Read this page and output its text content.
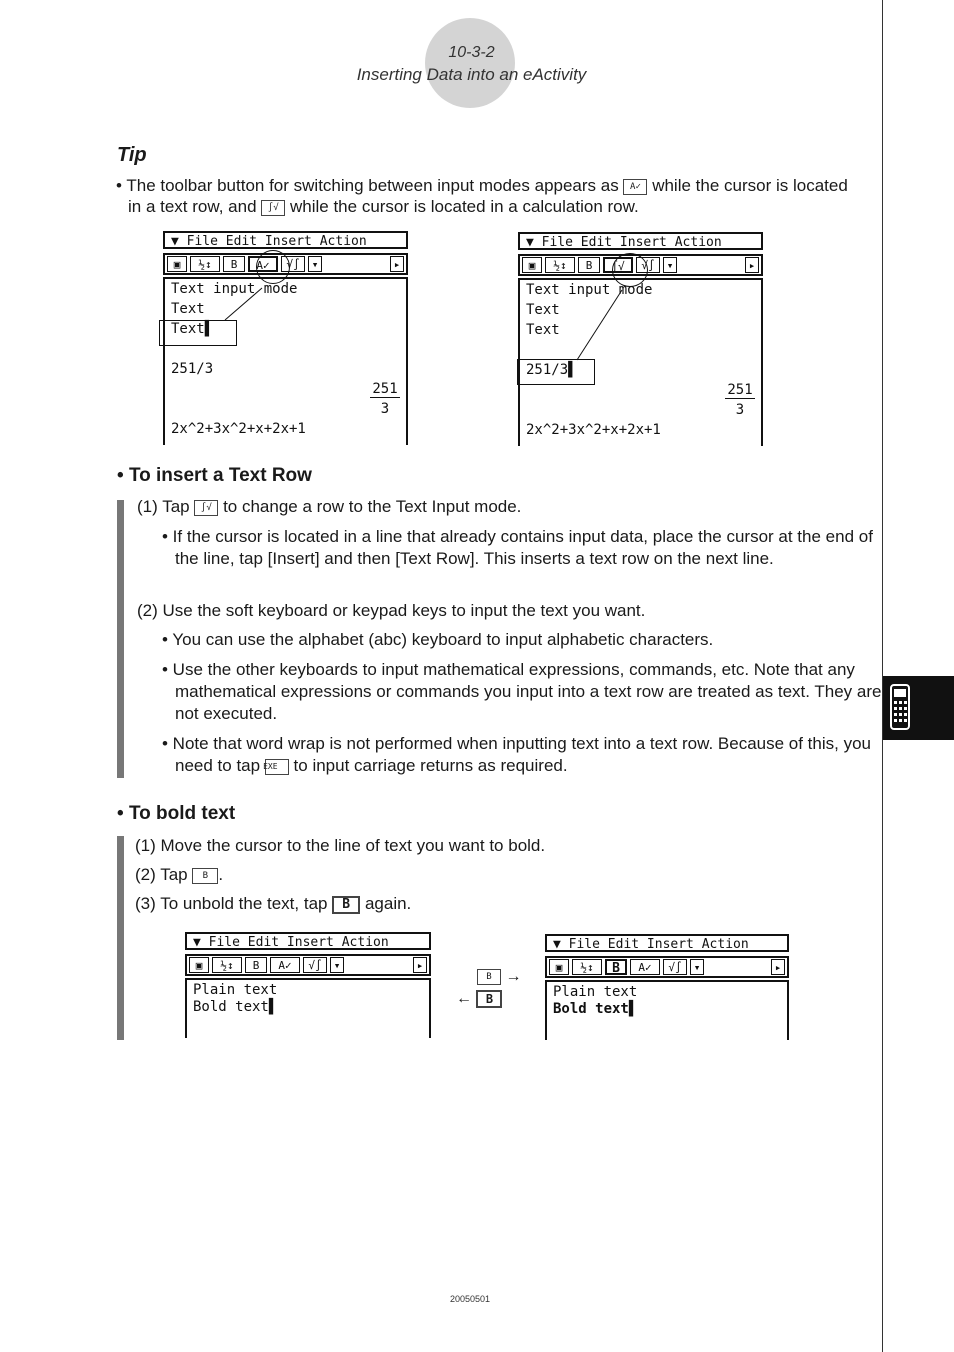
10-3-2
Inserting Data into an eActivity
Tip
• The toolbar button for switching between input modes appears as A✓ while the cursor is located
in a text row, and ∫√ while the cursor is located in a calculation row.
▼ File Edit Insert Action
▣	½↕	B	A✓	√∫	▾	▸
Text input mode
Text
Text▌
251/3
251
3
2x^2+3x^2+x+2x+1
▼ File Edit Insert Action
▣	½↕	B	∫√	√∫	▾	▸
Text input mode
Text
Text
251/3▌
251
3
2x^2+3x^2+x+2x+1
• To insert a Text Row
(1) Tap ∫√ to change a row to the Text Input mode.
• If the cursor is located in a line that already contains input data, place the cursor at the end of the line, tap [Insert] and then [Text Row]. This inserts a text row on the next line.
(2) Use the soft keyboard or keypad keys to input the text you want.
• You can use the alphabet (abc) keyboard to input alphabetic characters.
• Use the other keyboards to input mathematical expressions, commands, etc. Note that any mathematical expressions or commands you input into a text row are treated as text. They are not executed.
• Note that word wrap is not performed when inputting text into a text row. Because of this, you need to tap EXE to input carriage returns as required.
• To bold text
(1) Move the cursor to the line of text you want to bold.
(2) Tap B .
(3) To unbold the text, tap B again.
▼ File Edit Insert Action
▣	½↕	B	A✓	√∫	▾	▸
Plain text
Bold text▌
B →
← B
▼ File Edit Insert Action
▣	½↕	B	A✓	√∫	▾	▸
Plain text
Bold text▌
20050501
